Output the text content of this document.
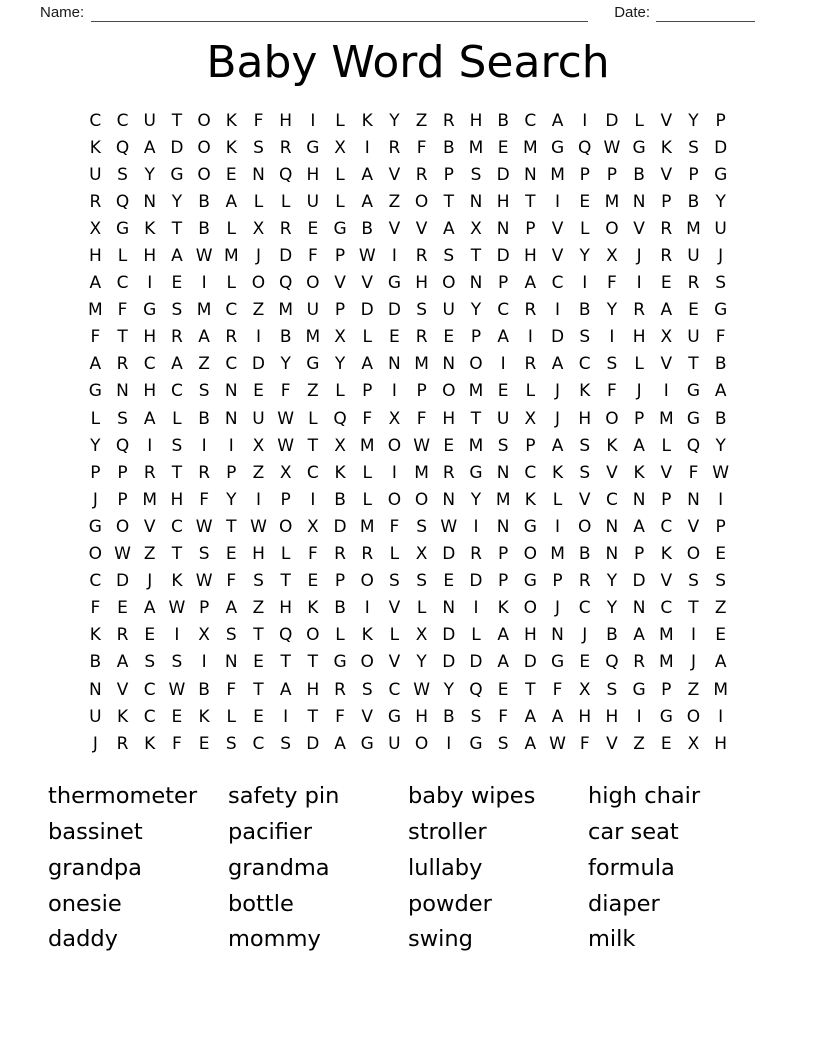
Name:	Date:
Baby Word Search
C C U T O K F H	I	L K Y Z R H B C A	I	D L V Y P
K Q A D O K S R G X	I	R F B M E M G Q W G K S D
U S Y G O E N Q H L A V R P S D N M P P B V P G
R Q N Y B A L	L U L A Z O T N H T	I	E M N P B Y
X G K T B L X R E G B V V A X N P V L O V R M U
H L H A W M	J	D F	P W I	R S T D H V Y X	J	R U	J
A C	I	E	I	L O Q O V V G H O N P A C	I	F	I	E R S
M F G S M C Z M U P D D S U Y C R	I	B Y R A E G
F	T H R A R	I	B M X L	E R E P A	I	D S	I	H X U F
A R C A Z C D Y G Y A N M N O	I	R A C S	L V T B
G N H C S N E F Z L	P	I	P O M E	L	J	K F	J	I	G A
L	S A L B N U W L Q F X F H T U X	J	H O P M G B
Y Q	I	S	I	I	X W T X M O W E M S P A S K A L Q Y
P P R T R P Z X C K L	I	M R G N C K S V K V F W
J	P M H F	Y	I	P	I	B L O O N Y M K L V C N P N	I
G O V C W T W O X D M F S W I	N G	I	O N A C V P
O W Z T S E H L	F R R L X D R P O M B N P K O E
C D	J	K W F S T E P O S S E D P G P R Y D V S S
F E A W P A Z H K B	I	V L N	I	K O	J	C Y N C T Z
K R E	I	X S T Q O L K L X D L A H N	J	B A M	I	E
B A S S	I	N E T T G O V Y D D A D G E Q R M	J	A
N V C W B F	T A H R S C W Y Q E T	F X S G P Z M
U K C E K L	E	I	T	F V G H B S F A A H H	I	G O	I
J	R K F E S C S D A G U O	I	G S A W F V Z E X H
thermometer
bassinet
grandpa
onesie
daddy
safety pin
pacifier
grandma
bottle
mommy
baby wipes
stroller
lullaby
powder
swing
high chair
car seat
formula
diaper
milk
